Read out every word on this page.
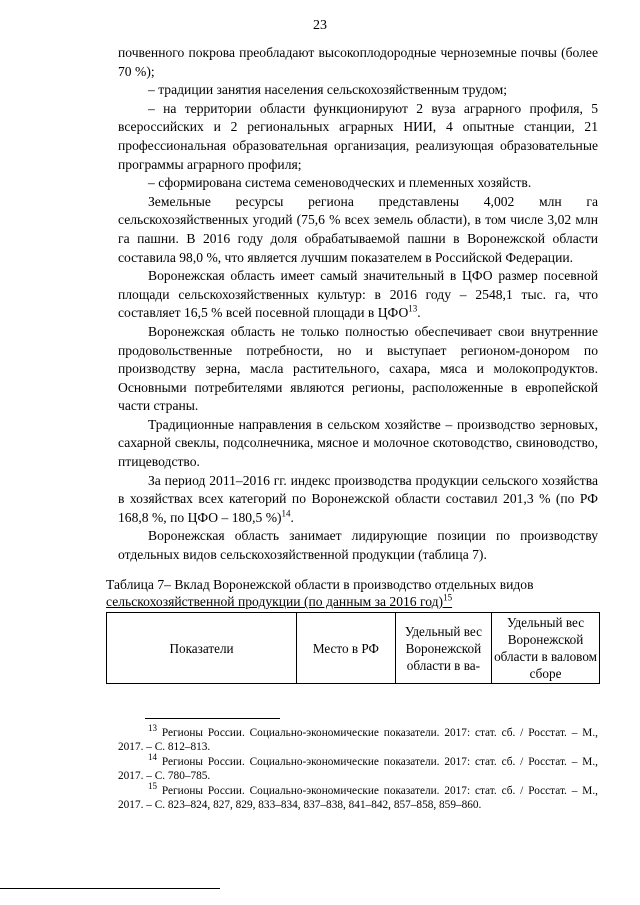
23

почвенного покрова преобладают высокоплодородные черноземные почвы (более 70 %);

– традиции занятия населения сельскохозяйственным трудом;

– на территории области функционируют 2 вуза аграрного профиля, 5 всероссийских и 2 региональных аграрных НИИ, 4 опытные станции, 21 профессиональная образовательная организация, реализующая образовательные программы аграрного профиля;

– сформирована система семеноводческих и племенных хозяйств.

Земельные ресурсы региона представлены 4,002 млн га сельскохозяйственных угодий (75,6 % всех земель области), в том числе 3,02 млн га пашни. В 2016 году доля обрабатываемой пашни в Воронежской области составила 98,0 %, что является лучшим показателем в Российской Федерации.

Воронежская область имеет самый значительный в ЦФО размер посевной площади сельскохозяйственных культур: в 2016 году – 2548,1 тыс. га, что составляет 16,5 % всей посевной площади в ЦФО$^{13}$.

Воронежская область не только полностью обеспечивает свои внутренние продовольственные потребности, но и выступает регионом-донором по производству зерна, масла растительного, сахара, мяса и молокопродуктов. Основными потребителями являются регионы, расположенные в европейской части страны.

Традиционные направления в сельском хозяйстве – производство зерновых, сахарной свеклы, подсолнечника, мясное и молочное скотоводство, свиноводство, птицеводство.

За период 2011–2016 гг. индекс производства продукции сельского хозяйства в хозяйствах всех категорий по Воронежской области составил 201,3 % (по РФ 168,8 %, по ЦФО – 180,5 %)$^{14}$.

Воронежская область занимает лидирующие позиции по производству отдельных видов сельскохозяйственной продукции (таблица 7).

Таблица 7– Вклад Воронежской области в производство отдельных видов
сельскохозяйственной продукции (по данным за 2016 год)$^{15}$
Показатели	Место в РФ	Удельный вес Воронежской области в ва-	Удельный вес Воронежской области в валовом сборе

$^{13}$ Регионы России. Социально-экономические показатели. 2017: стат. сб. / Росстат. – М., 2017. – С. 812–813.

$^{14}$ Регионы России. Социально-экономические показатели. 2017: стат. сб. / Росстат. – М., 2017. – С. 780–785.

$^{15}$ Регионы России. Социально-экономические показатели. 2017: стат. сб. / Росстат. – М., 2017. – С. 823–824, 827, 829, 833–834, 837–838, 841–842, 857–858, 859–860.
